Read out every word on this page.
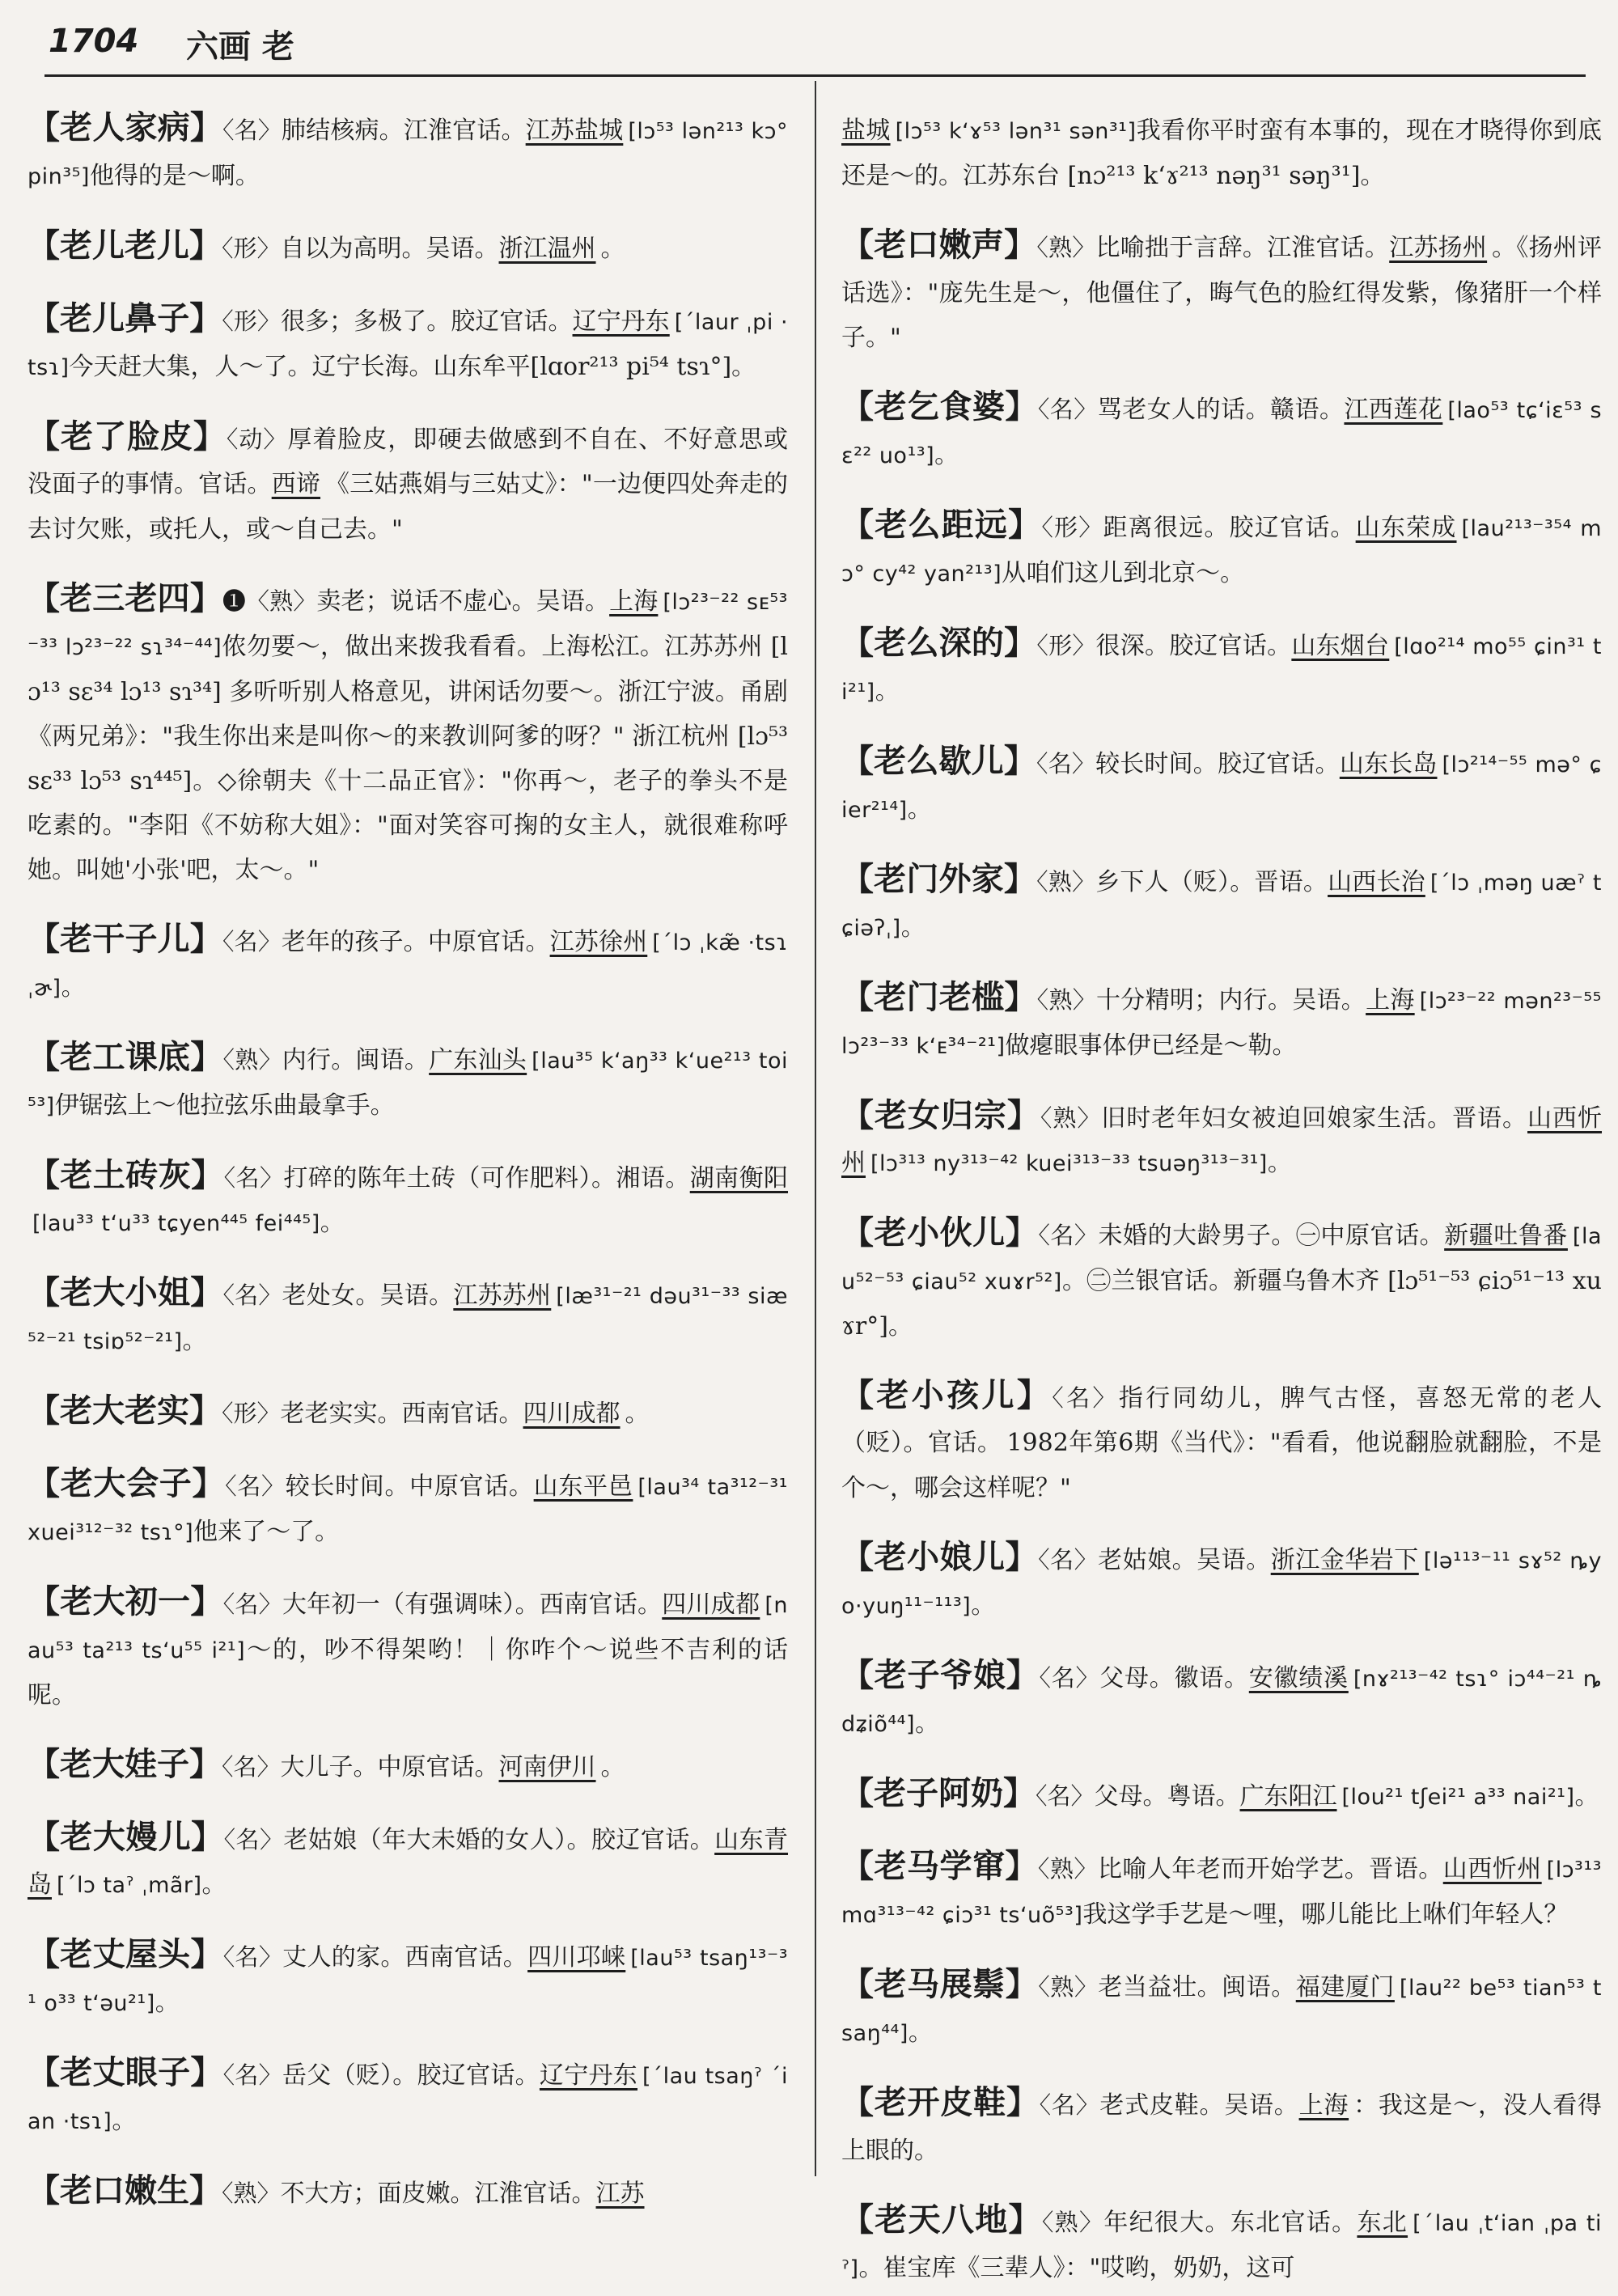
1704 六画 老

【老人家病】〈名〉肺结核病。江淮官话。江苏盐城 [lɔ⁵³ lən²¹³ kɔ° pin³⁵]他得的是～啊。

【老儿老儿】〈形〉自以为高明。吴语。浙江温州 。

【老儿鼻子】〈形〉很多；多极了。胶辽官话。辽宁丹东 [ˊlaur ˌpi ·tsɿ]今天赶大集，人～了。辽宁长海。山东牟平[lɑor²¹³ pi⁵⁴ tsɿ°]。

【老了脸皮】〈动〉厚着脸皮，即硬去做感到不自在、不好意思或没面子的事情。官话。西谛 《三姑燕娟与三姑丈》："一边便四处奔走的去讨欠账，或托人，或～自己去。"

【老三老四】❶〈熟〉卖老；说话不虚心。吴语。上海 [lɔ²³⁻²² sᴇ⁵³⁻³³ lɔ²³⁻²² sɿ³⁴⁻⁴⁴]侬勿要～，做出来拨我看看。上海松江。江苏苏州 [lɔ¹³ sɛ³⁴ lɔ¹³ sɿ³⁴] 多听听别人格意见，讲闲话勿要～。浙江宁波。甬剧《两兄弟》："我生你出来是叫你～的来教训阿爹的呀？" 浙江杭州 [lɔ⁵³ sɛ³³ lɔ⁵³ sɿ⁴⁴⁵]。◇徐朝夫《十二品正官》："你再～，老子的拳头不是吃素的。"李阳《不妨称大姐》："面对笑容可掬的女主人，就很难称呼她。叫她'小张'吧，太～。"

【老干子儿】〈名〉老年的孩子。中原官话。江苏徐州 [ˊlɔ ˌkæ̃ ·tsɿ ˌɚ]。

【老工课底】〈熟〉内行。闽语。广东汕头 [lau³⁵ kʻaŋ³³ kʻue²¹³ toi⁵³]伊锯弦上～他拉弦乐曲最拿手。

【老土砖灰】〈名〉打碎的陈年土砖（可作肥料）。湘语。湖南衡阳[lau³³ tʻu³³ tɕyen⁴⁴⁵ fei⁴⁴⁵]。

【老大小姐】〈名〉老处女。吴语。江苏苏州 [læ³¹⁻²¹ dəu³¹⁻³³ siæ⁵²⁻²¹ tsiɒ⁵²⁻²¹]。

【老大老实】〈形〉老老实实。西南官话。四川成都 。

【老大会子】〈名〉较长时间。中原官话。山东平邑 [lau³⁴ ta³¹²⁻³¹ xuei³¹²⁻³² tsɿ°]他来了～了。

【老大初一】〈名〉大年初一（有强调味）。西南官话。四川成都 [nau⁵³ ta²¹³ tsʻu⁵⁵ i²¹]～的，吵不得架哟！｜你咋个～说些不吉利的话呢。

【老大娃子】〈名〉大儿子。中原官话。河南伊川 。

【老大嫚儿】〈名〉老姑娘（年大未婚的女人）。胶辽官话。山东青岛 [ˊlɔ taˀ ˌmãr]。

【老丈屋头】〈名〉丈人的家。西南官话。四川邛崃 [lau⁵³ tsaŋ¹³⁻³¹ o³³ tʻəu²¹]。

【老丈眼子】〈名〉岳父（贬）。胶辽官话。辽宁丹东 [ˊlau tsaŋˀ ˊian ·tsɿ]。

【老口嫩生】〈熟〉不大方；面皮嫩。江淮官话。江苏

盐城 [lɔ⁵³ kʻɤ⁵³ lən³¹ sən³¹]我看你平时蛮有本事的，现在才晓得你到底还是～的。江苏东台 [nɔ²¹³ kʻɤ²¹³ nəŋ³¹ səŋ³¹]。

【老口嫩声】〈熟〉比喻拙于言辞。江淮官话。江苏扬州 。《扬州评话选》："庞先生是～，他僵住了，晦气色的脸红得发紫，像猪肝一个样子。"

【老乞食婆】〈名〉骂老女人的话。赣语。江西莲花 [lao⁵³ tɕʻiɛ⁵³ sɛ²² uo¹³]。

【老么距远】〈形〉距离很远。胶辽官话。山东荣成 [lau²¹³⁻³⁵⁴ mɔ° cy⁴² yan²¹³]从咱们这儿到北京～。

【老么深的】〈形〉很深。胶辽官话。山东烟台 [lɑo²¹⁴ mo⁵⁵ ɕin³¹ ti²¹]。

【老么歇儿】〈名〉较长时间。胶辽官话。山东长岛 [lɔ²¹⁴⁻⁵⁵ mə° ɕier²¹⁴]。

【老门外家】〈熟〉乡下人（贬）。晋语。山西长治 [ˊlɔ ˌməŋ uæˀ tɕiəʔˌ]。

【老门老槛】〈熟〉十分精明；内行。吴语。上海 [lɔ²³⁻²² mən²³⁻⁵⁵ lɔ²³⁻³³ kʻᴇ³⁴⁻²¹]做瘪眼事体伊已经是～勒。

【老女归宗】〈熟〉旧时老年妇女被迫回娘家生活。晋语。山西忻州 [lɔ³¹³ ny³¹³⁻⁴² kuei³¹³⁻³³ tsuəŋ³¹³⁻³¹]。

【老小伙儿】〈名〉未婚的大龄男子。㊀中原官话。新疆吐鲁番 [lau⁵²⁻⁵³ ɕiau⁵² xuɤr⁵²]。㊁兰银官话。新疆乌鲁木齐 [lɔ⁵¹⁻⁵³ ɕiɔ⁵¹⁻¹³ xuɤr°]。

【老小孩儿】〈名〉指行同幼儿，脾气古怪，喜怒无常的老人（贬）。官话。 1982年第6期《当代》："看看，他说翻脸就翻脸，不是个～，哪会这样呢？"

【老小娘儿】〈名〉老姑娘。吴语。浙江金华岩下 [lə¹¹³⁻¹¹ sɤ⁵² ȵyo·yuŋ¹¹⁻¹¹³]。

【老子爷娘】〈名〉父母。徽语。安徽绩溪 [nɤ²¹³⁻⁴² tsɿ° iɔ⁴⁴⁻²¹ ȵdʑiõ⁴⁴]。

【老子阿奶】〈名〉父母。粤语。广东阳江 [lou²¹ tʃei²¹ a³³ nai²¹]。

【老马学窜】〈熟〉比喻人年老而开始学艺。晋语。山西忻州 [lɔ³¹³ mɑ³¹³⁻⁴² ɕiɔ³¹ tsʻuõ⁵³]我这学手艺是～哩，哪儿能比上咻们年轻人？

【老马展鬃】〈熟〉老当益壮。闽语。福建厦门 [lau²² be⁵³ tian⁵³ tsaŋ⁴⁴]。

【老开皮鞋】〈名〉老式皮鞋。吴语。上海 ：我这是～，没人看得上眼的。

【老天八地】〈熟〉年纪很大。东北官话。东北 [ˊlau ˌtʻian ˌpa tiˀ]。崔宝库《三辈人》："哎哟，奶奶，这可
